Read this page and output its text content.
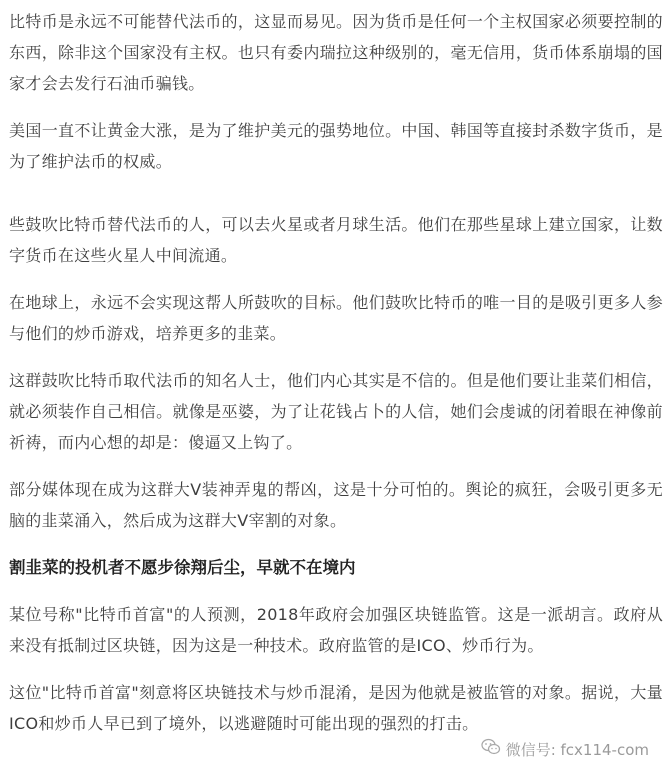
比特币是永远不可能替代法币的，这显而易见。因为货币是任何一个主权国家必须要控制的东西，除非这个国家没有主权。也只有委内瑞拉这种级别的，毫无信用，货币体系崩塌的国家才会去发行石油币骗钱。

美国一直不让黄金大涨，是为了维护美元的强势地位。中国、韩国等直接封杀数字货币，是为了维护法币的权威。

些鼓吹比特币替代法币的人，可以去火星或者月球生活。他们在那些星球上建立国家，让数字货币在这些火星人中间流通。

在地球上，永远不会实现这帮人所鼓吹的目标。他们鼓吹比特币的唯一目的是吸引更多人参与他们的炒币游戏，培养更多的韭菜。

这群鼓吹比特币取代法币的知名人士，他们内心其实是不信的。但是他们要让韭菜们相信，就必须装作自己相信。就像是巫婆，为了让花钱占卜的人信，她们会虔诚的闭着眼在神像前祈祷，而内心想的却是：傻逼又上钩了。

部分媒体现在成为这群大V装神弄鬼的帮凶，这是十分可怕的。舆论的疯狂，会吸引更多无脑的韭菜涌入，然后成为这群大V宰割的对象。

割韭菜的投机者不愿步徐翔后尘，早就不在境内

某位号称"比特币首富"的人预测，2018年政府会加强区块链监管。这是一派胡言。政府从来没有抵制过区块链，因为这是一种技术。政府监管的是ICO、炒币行为。

这位"比特币首富"刻意将区块链技术与炒币混淆，是因为他就是被监管的对象。据说，大量ICO和炒币人早已到了境外，以逃避随时可能出现的强烈的打击。

微信号: fcx114-com
